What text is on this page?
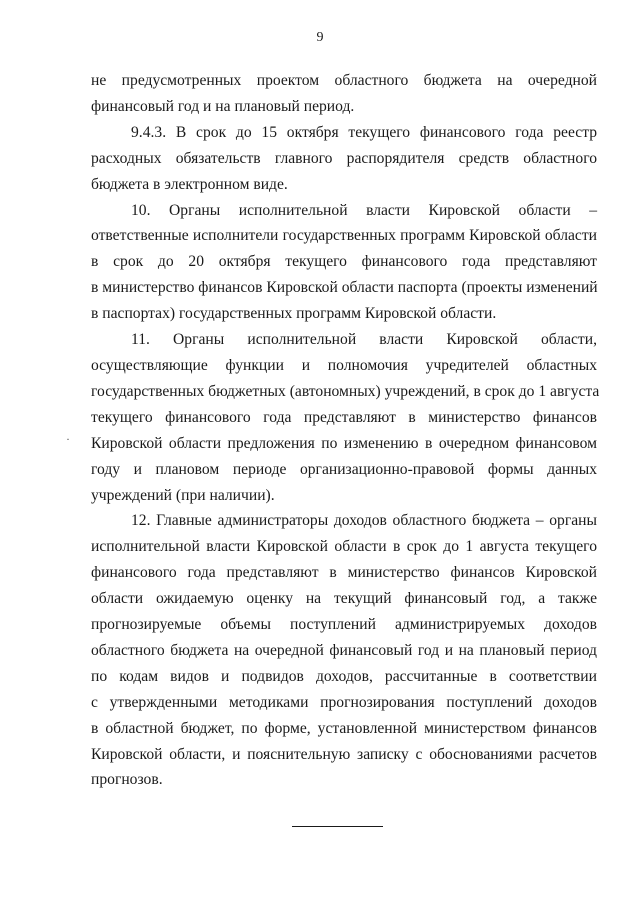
9

не предусмотренных проектом областного бюджета на очередной
финансовый год и на плановый период.

9.4.3. В срок до 15 октября текущего финансового года реестр
расходных обязательств главного распорядителя средств областного
бюджета в электронном виде.

10. Органы исполнительной власти Кировской области –
ответственные исполнители государственных программ Кировской области
в срок до 20 октября текущего финансового года представляют
в министерство финансов Кировской области паспорта (проекты изменений
в паспортах) государственных программ Кировской области.

11. Органы исполнительной власти Кировской области,
осуществляющие функции и полномочия учредителей областных
государственных бюджетных (автономных) учреждений, в срок до 1 августа
текущего финансового года представляют в министерство финансов
Кировской области предложения по изменению в очередном финансовом
году и плановом периоде организационно-правовой формы данных
учреждений (при наличии).

12. Главные администраторы доходов областного бюджета – органы
исполнительной власти Кировской области в срок до 1 августа текущего
финансового года представляют в министерство финансов Кировской
области ожидаемую оценку на текущий финансовый год, а также
прогнозируемые объемы поступлений администрируемых доходов
областного бюджета на очередной финансовый год и на плановый период
по кодам видов и подвидов доходов, рассчитанные в соответствии
с утвержденными методиками прогнозирования поступлений доходов
в областной бюджет, по форме, установленной министерством финансов
Кировской области, и пояснительную записку с обоснованиями расчетов
прогнозов.

·
